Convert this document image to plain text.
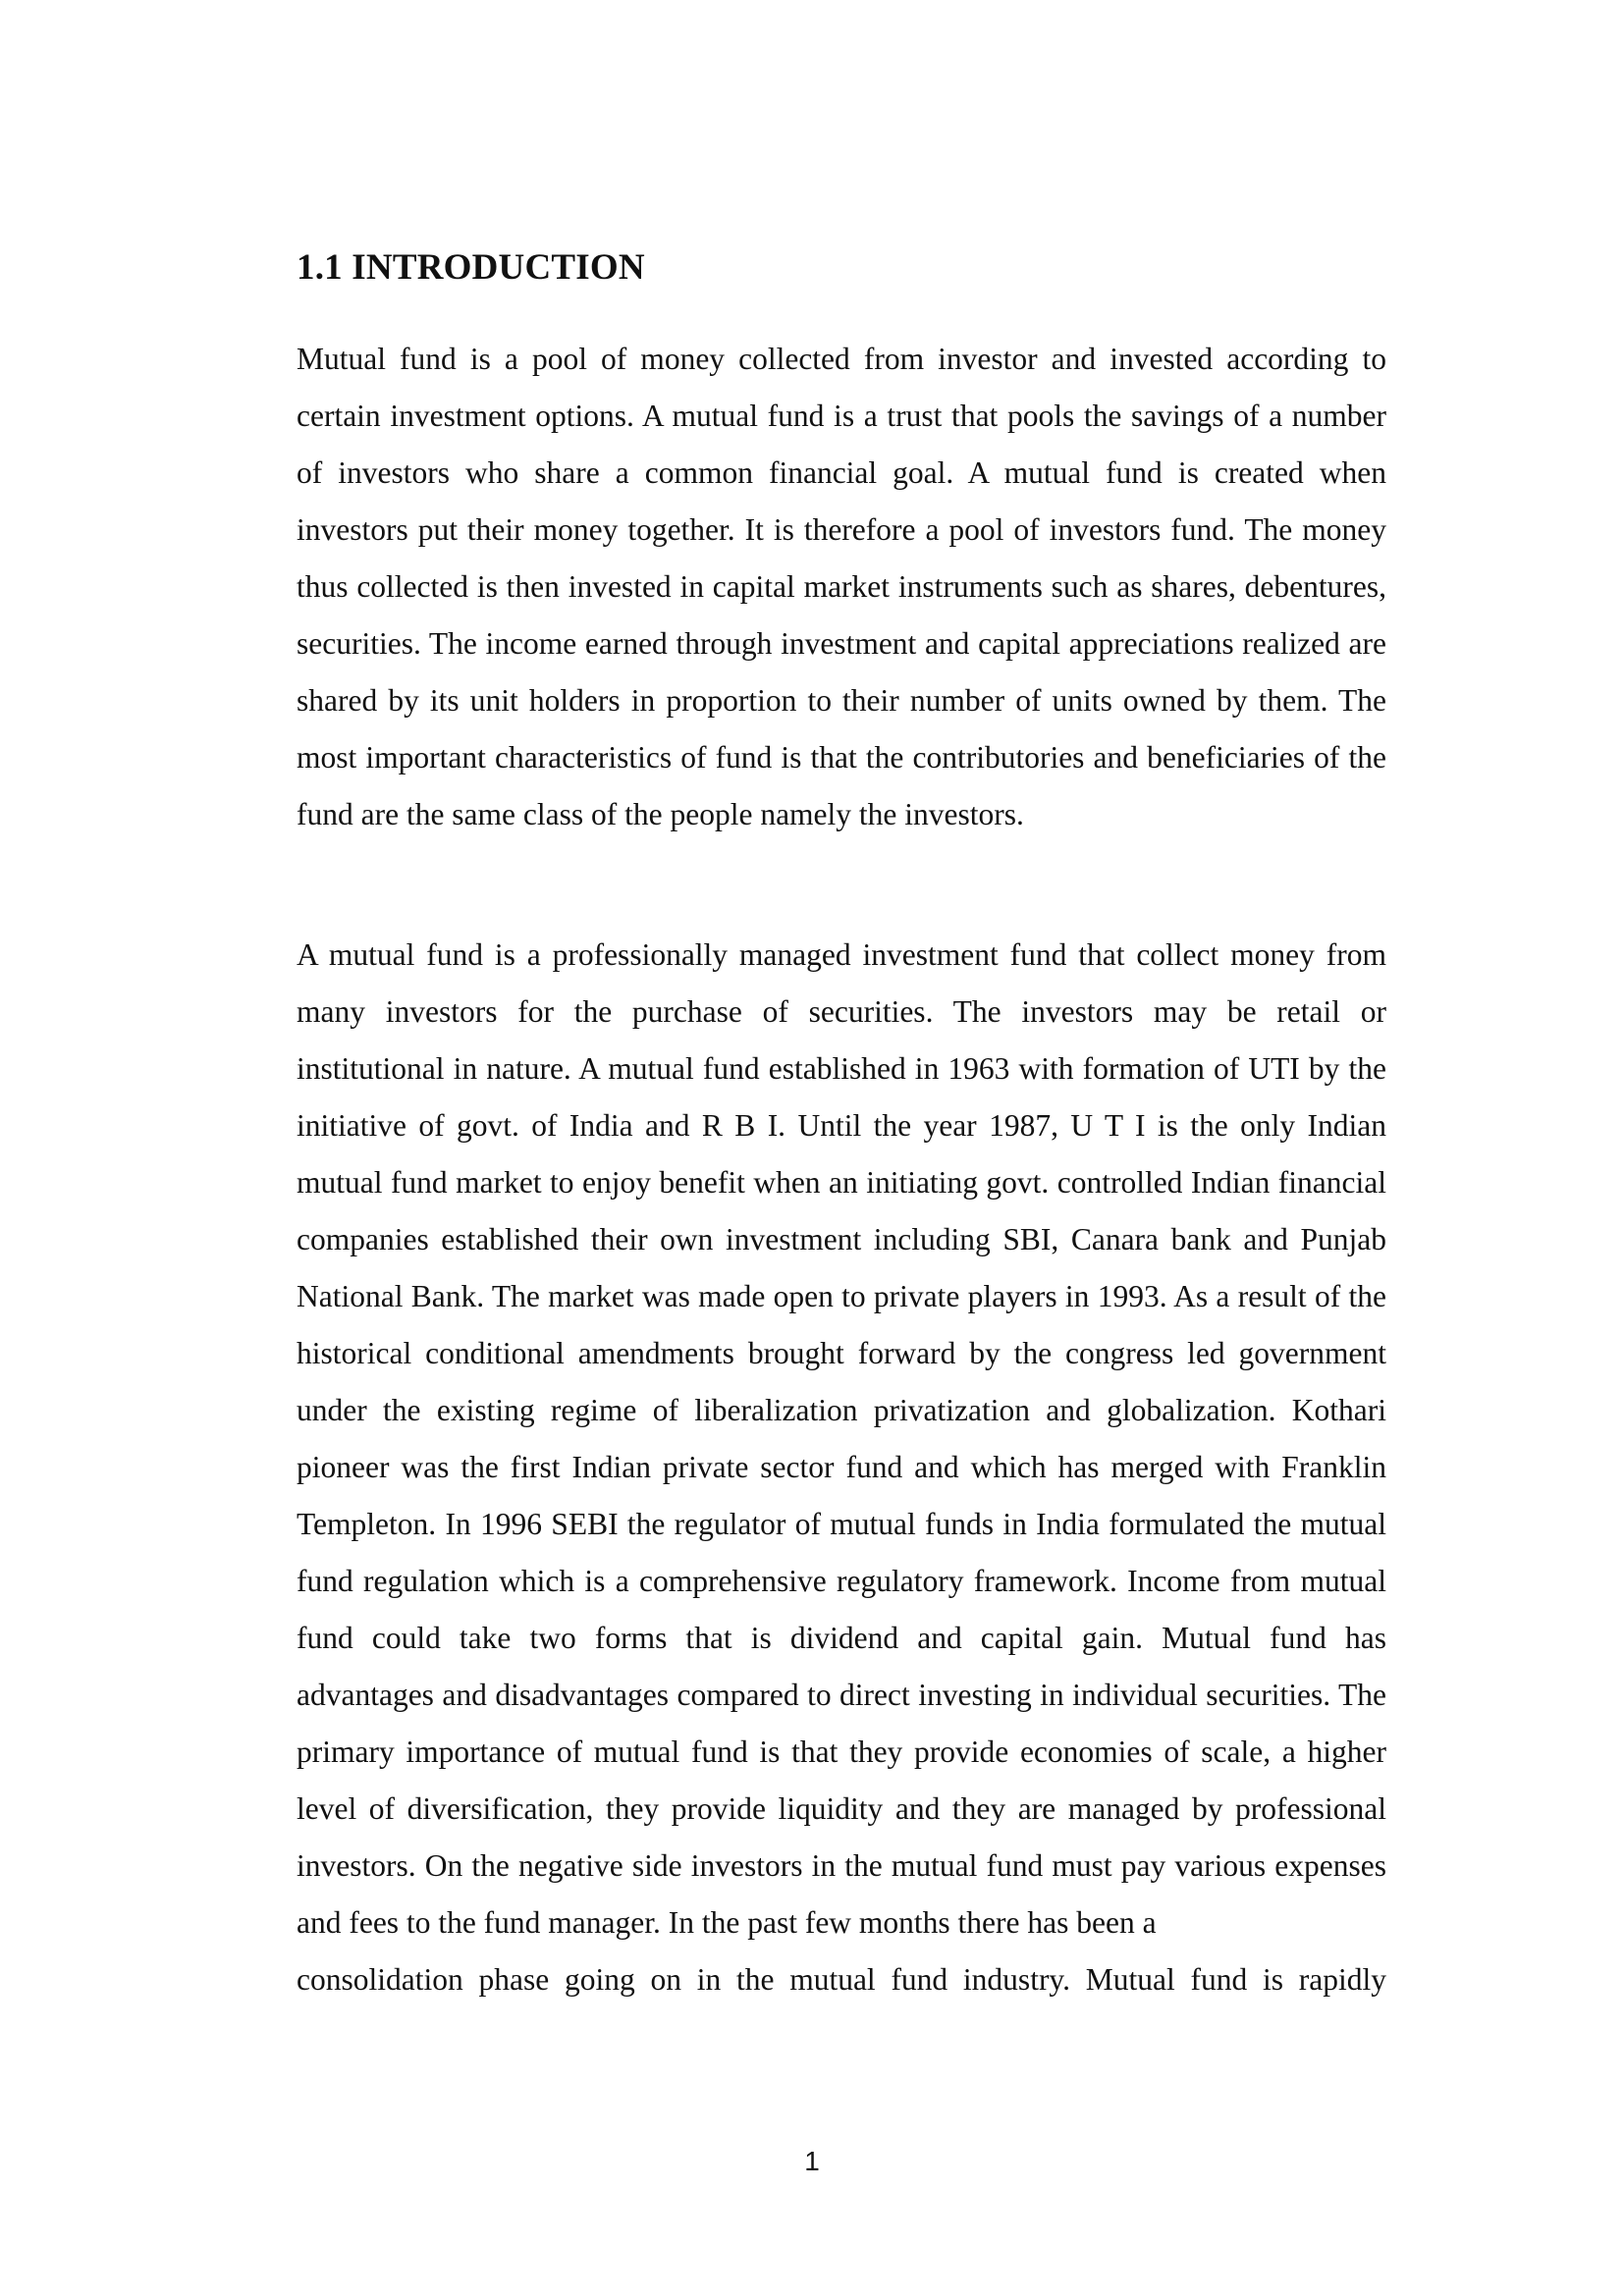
1.1 INTRODUCTION

Mutual fund is a pool of money collected from investor and invested according to certain investment options. A mutual fund is a trust that pools the savings of a number of investors who share a common financial goal. A mutual fund is created when investors put their money together. It is therefore a pool of investors fund. The money thus collected is then invested in capital market instruments such as shares, debentures, securities. The income earned through investment and capital appreciations realized are shared by its unit holders in proportion to their number of units owned by them. The most important characteristics of fund is that the contributories and beneficiaries of the fund are the same class of the people namely the investors.

A mutual fund is a professionally managed investment fund that collect money from many investors for the purchase of securities. The investors may be retail or institutional in nature. A mutual fund established in 1963 with formation of UTI by the initiative of govt. of India and R B I. Until the year 1987, U T I is the only Indian mutual fund market to enjoy benefit when an initiating govt. controlled Indian financial companies established their own investment including SBI, Canara bank and Punjab National Bank. The market was made open to private players in 1993. As a result of the historical conditional amendments brought forward by the congress led government under the existing regime of liberalization privatization and globalization. Kothari pioneer was the first Indian private sector fund and which has merged with Franklin Templeton. In 1996 SEBI the regulator of mutual funds in India formulated the mutual fund regulation which is a comprehensive regulatory framework. Income from mutual fund could take two forms that is dividend and capital gain. Mutual fund has advantages and disadvantages compared to direct investing in individual securities. The primary importance of mutual fund is that they provide economies of scale, a higher level of diversification, they provide liquidity and they are managed by professional investors. On the negative side investors in the mutual fund must pay various expenses and fees to the fund manager. In the past few months there has been a
consolidation phase going on in the mutual fund industry. Mutual fund is rapidly

1
